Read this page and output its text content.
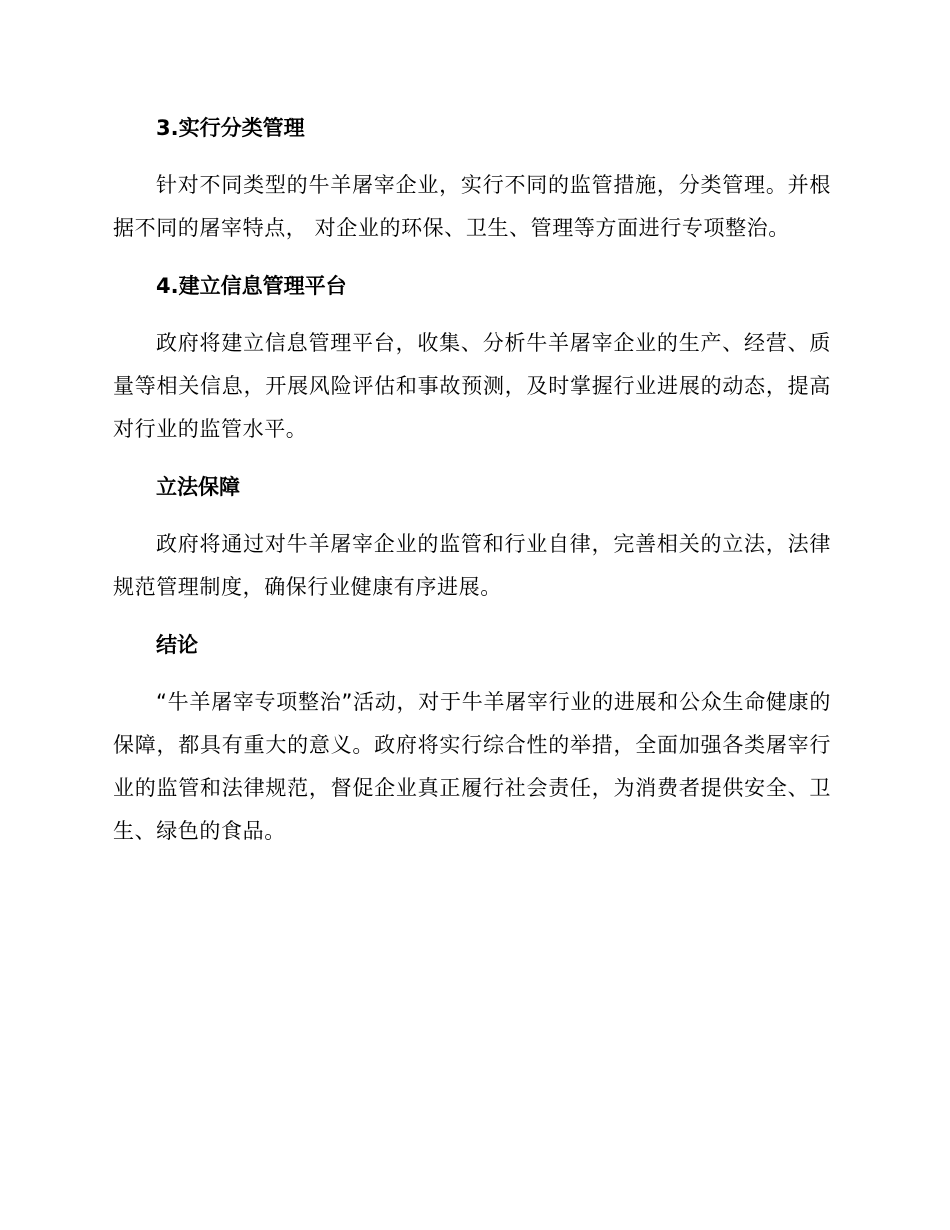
3.实行分类管理

针对不同类型的牛羊屠宰企业，实行不同的监管措施，分类管理。并根据不同的屠宰特点， 对企业的环保、卫生、管理等方面进行专项整治。

4.建立信息管理平台

政府将建立信息管理平台，收集、分析牛羊屠宰企业的生产、经营、质量等相关信息，开展风险评估和事故预测，及时掌握行业进展的动态，提高对行业的监管水平。

立法保障

政府将通过对牛羊屠宰企业的监管和行业自律，完善相关的立法，法律规范管理制度，确保行业健康有序进展。

结论

“牛羊屠宰专项整治”活动，对于牛羊屠宰行业的进展和公众生命健康的保障，都具有重大的意义。政府将实行综合性的举措，全面加强各类屠宰行业的监管和法律规范，督促企业真正履行社会责任，为消费者提供安全、卫生、绿色的食品。
